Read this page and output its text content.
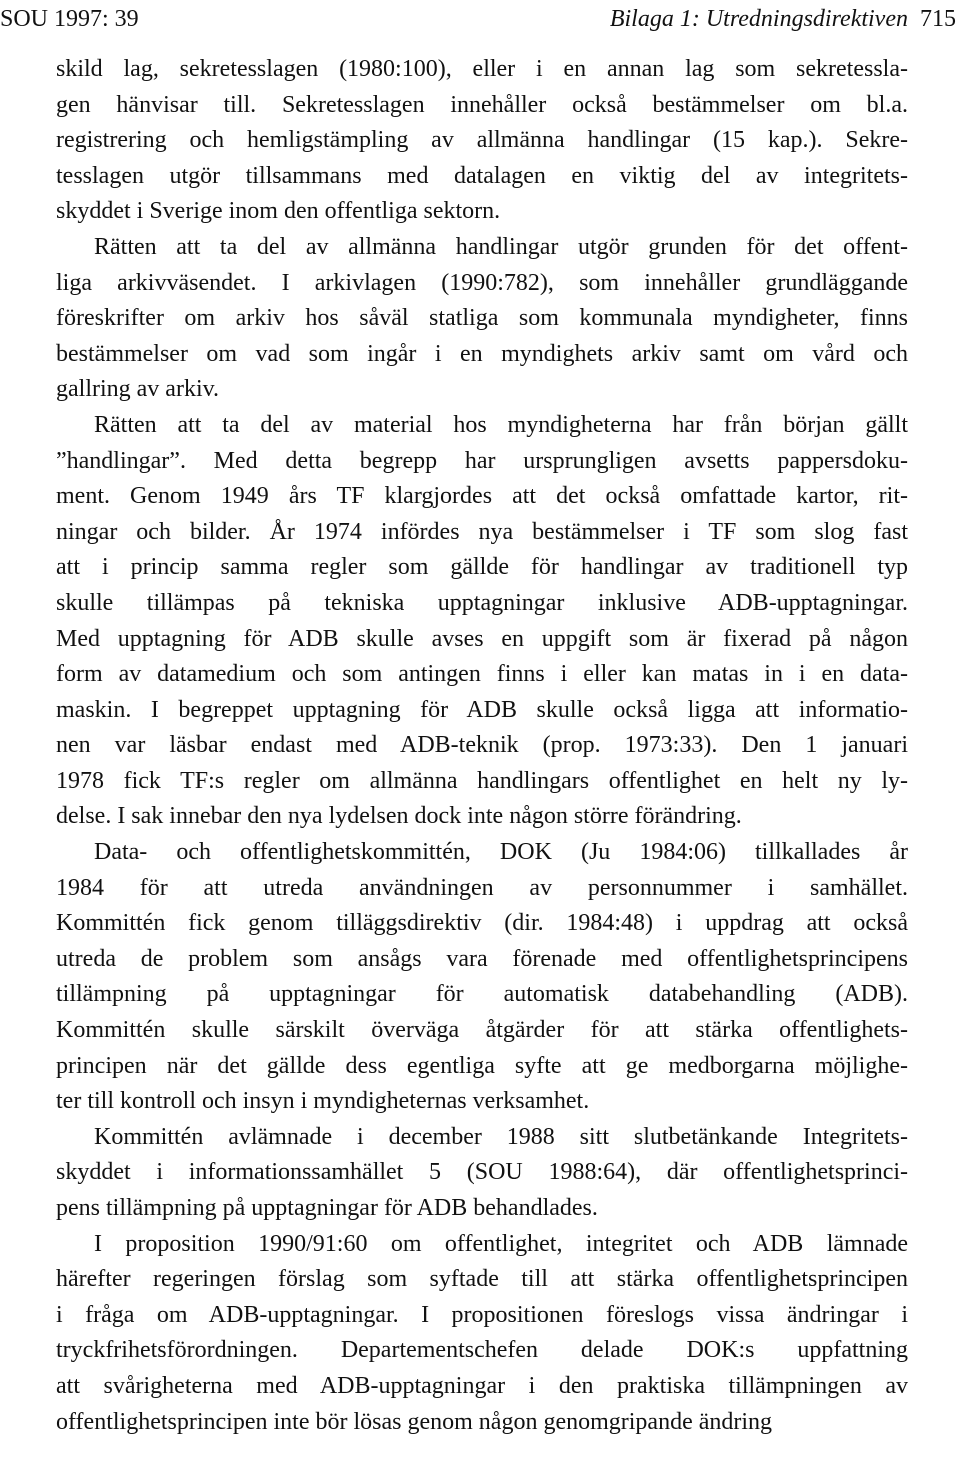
SOU 1997: 39	Bilaga 1: Utredningsdirektiven 715
skild lag, sekretesslagen (1980:100), eller i en annan lag som sekretessla-
gen hänvisar till. Sekretesslagen innehåller också bestämmelser om bl.a.
registrering och hemligstämpling av allmänna handlingar (15 kap.). Sekre-
tesslagen utgör tillsammans med datalagen en viktig del av integritets-
skyddet i Sverige inom den offentliga sektorn.
Rätten att ta del av allmänna handlingar utgör grunden för det offent-
liga arkivväsendet. I arkivlagen (1990:782), som innehåller grundläggande
föreskrifter om arkiv hos såväl statliga som kommunala myndigheter, finns
bestämmelser om vad som ingår i en myndighets arkiv samt om vård och
gallring av arkiv.
Rätten att ta del av material hos myndigheterna har från början gällt
”handlingar”. Med detta begrepp har ursprungligen avsetts pappersdoku-
ment. Genom 1949 års TF klargjordes att det också omfattade kartor, rit-
ningar och bilder. År 1974 infördes nya bestämmelser i TF som slog fast
att i princip samma regler som gällde för handlingar av traditionell typ
skulle tillämpas på tekniska upptagningar inklusive ADB-upptagningar.
Med upptagning för ADB skulle avses en uppgift som är fixerad på någon
form av datamedium och som antingen finns i eller kan matas in i en data-
maskin. I begreppet upptagning för ADB skulle också ligga att informatio-
nen var läsbar endast med ADB-teknik (prop. 1973:33). Den 1 januari
1978 fick TF:s regler om allmänna handlingars offentlighet en helt ny ly-
delse. I sak innebar den nya lydelsen dock inte någon större förändring.
Data- och offentlighetskommittén, DOK (Ju 1984:06) tillkallades år
1984 för att utreda användningen av personnummer i samhället.
Kommittén fick genom tilläggsdirektiv (dir. 1984:48) i uppdrag att också
utreda de problem som ansågs vara förenade med offentlighetsprincipens
tillämpning på upptagningar för automatisk databehandling (ADB).
Kommittén skulle särskilt överväga åtgärder för att stärka offentlighets-
principen när det gällde dess egentliga syfte att ge medborgarna möjlighe-
ter till kontroll och insyn i myndigheternas verksamhet.
Kommittén avlämnade i december 1988 sitt slutbetänkande Integritets-
skyddet i informationssamhället 5 (SOU 1988:64), där offentlighetsprinci-
pens tillämpning på upptagningar för ADB behandlades.
I proposition 1990/91:60 om offentlighet, integritet och ADB lämnade
härefter regeringen förslag som syftade till att stärka offentlighetsprincipen
i fråga om ADB-upptagningar. I propositionen föreslogs vissa ändringar i
tryckfrihetsförordningen. Departementschefen delade DOK:s uppfattning
att svårigheterna med ADB-upptagningar i den praktiska tillämpningen av
offentlighetsprincipen inte bör lösas genom någon genomgripande ändring
